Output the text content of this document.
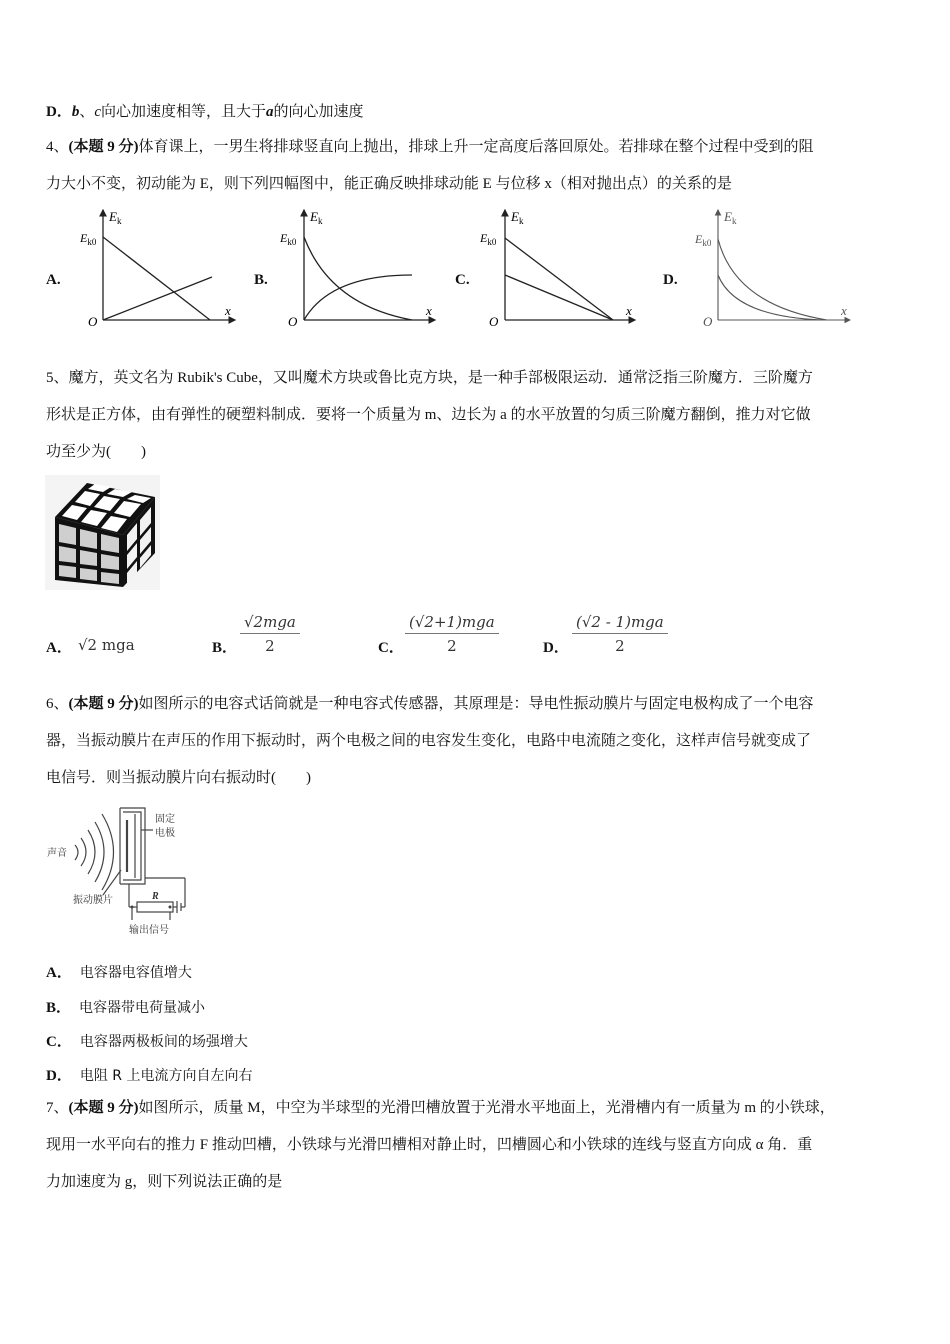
D．b、c向心加速度相等，且大于a的向心加速度
4、(本题 9 分)体育课上，一男生将排球竖直向上抛出，排球上升一定高度后落回原处。若排球在整个过程中受到的阻
力大小不变，初动能为 E，则下列四幅图中，能正确反映排球动能 E 与位移 x（相对抛出点）的关系的是
A.
$E_k$
$E_{k0}$
O
x
B.
$E_k$
$E_{k0}$
O
x
C.
$E_k$
$E_{k0}$
O
x
D.
$E_k$
$E_{k0}$
O
x
5、魔方，英文名为 Rubik's Cube，又叫魔术方块或鲁比克方块，是一种手部极限运动．通常泛指三阶魔方．三阶魔方
形状是正方体，由有弹性的硬塑料制成．要将一个质量为 m、边长为 a 的水平放置的匀质三阶魔方翻倒，推力对它做
功至少为(　　)
A． √2 mga	B．
√2mga
2	C．
(√2+1)mga
2	D．
(√2 - 1)mga
2
6、(本题 9 分)如图所示的电容式话筒就是一种电容式传感器，其原理是：导电性振动膜片与固定电极构成了一个电容
器，当振动膜片在声压的作用下振动时，两个电极之间的电容发生变化，电路中电流随之变化，这样声信号就变成了
电信号．则当振动膜片向右振动时(　　)
声音
固定
电极
振动膜片	R
输出信号
A． 电容器电容值增大
B． 电容器带电荷量减小
C． 电容器两极板间的场强增大
D． 电阻 R 上电流方向自左向右
7、(本题 9 分)如图所示，质量 M，中空为半球型的光滑凹槽放置于光滑水平地面上，光滑槽内有一质量为 m 的小铁球，
现用一水平向右的推力 F 推动凹槽，小铁球与光滑凹槽相对静止时，凹槽圆心和小铁球的连线与竖直方向成 α 角．重
力加速度为 g，则下列说法正确的是
